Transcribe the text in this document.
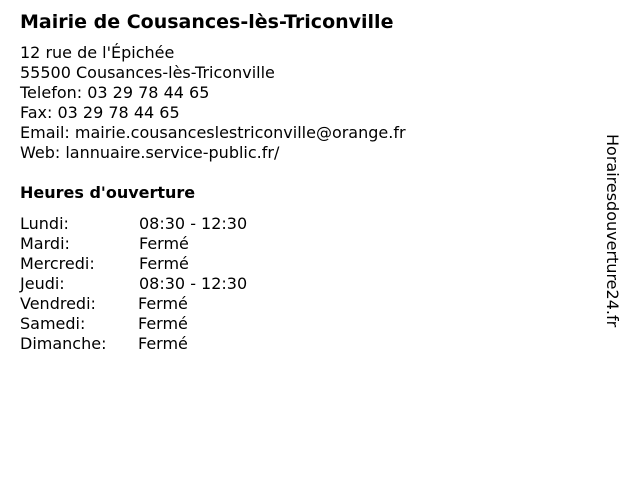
Mairie de Cousances-lès-Triconville
12 rue de l'Épichée
55500 Cousances-lès-Triconville
Telefon: 03 29 78 44 65
Fax: 03 29 78 44 65
Email: mairie.cousanceslestriconville@orange.fr
Web: lannuaire.service-public.fr/
Heures d'ouverture
Lundi:	08:30 - 12:30
Mardi:	Fermé
Mercredi:	Fermé
Jeudi:	08:30 - 12:30
Vendredi:	Fermé
Samedi:	Fermé
Dimanche: Fermé
Horairesdouverture24.fr
